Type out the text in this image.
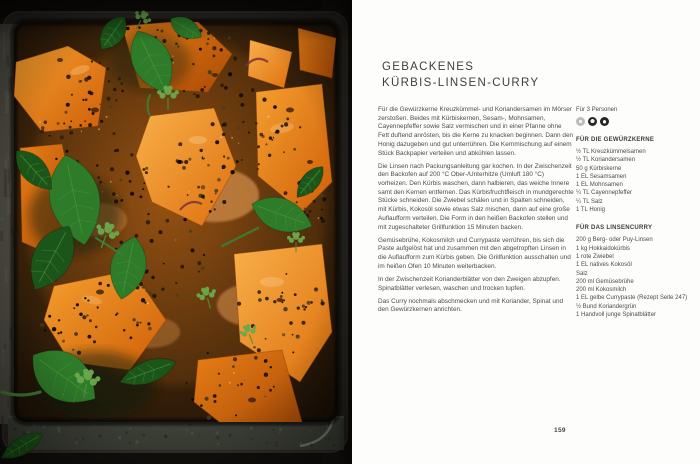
GEBACKENES
KÜRBIS-LINSEN-CURRY

Für die Gewürzkerne Kreuzkümmel- und Koriandersamen im Mörser zerstoßen. Beides mit Kürbiskernen, Sesam-, Mohnsamen, Cayennepfeffer sowie Salz vermischen und in einer Pfanne ohne Fett duftend anrösten, bis die Kerne zu knacken beginnen. Dann den Honig dazugeben und gut unterrühren. Die Kernmischung auf einem Stück Backpapier verteilen und abkühlen lassen.

Die Linsen nach Packungsanleitung gar kochen. In der Zwischenzeit den Backofen auf 200 °C Ober-/Unterhitze (Umluft 180 °C) vorheizen. Den Kürbis waschen, dann halbieren, das weiche Innere samt den Kernen entfernen. Das Kürbisfruchtfleisch in mundgerechte Stücke schneiden. Die Zwiebel schälen und in Spalten schneiden, mit Kürbis, Kokosöl sowie etwas Salz mischen, dann auf eine große Auflaufform verteilen. Die Form in den heißen Backofen stellen und mit zugeschalteter Grillfunktion 15 Minuten backen.

Gemüsebrühe, Kokosmilch und Currypaste verrühren, bis sich die Paste aufgelöst hat und zusammen mit den abgetropften Linsen in die Auflaufform zum Kürbis geben. Die Grillfunktion ausschalten und im heißen Ofen 10 Minuten weiterbacken.

In der Zwischenzeit Korianderblätter von den Zweigen abzupfen. Spinatblätter verlesen, waschen und trocken tupfen.

Das Curry nochmals abschmecken und mit Koriander, Spinat und den Gewürzkernen anrichten.

Für 3 Personen
FÜR DIE GEWÜRZKERNE
½ TL Kreuzkümmelsamen
½ TL Koriandersamen
50 g Kürbiskerne
1 EL Sesamsamen
1 EL Mohnsamen
¼ TL Cayennepfeffer
¼ TL Salz
1 TL Honig
FÜR DAS LINSENCURRY
200 g Berg- oder Puy-Linsen
1 kg Hokkaidokürbis
1 rote Zwiebel
1 EL natives Kokosöl
Salz
200 ml Gemüsebrühe
200 ml Kokosmilch
1 EL gelbe Currypaste (Rezept Seite 247)
½ Bund Koriandergrün
1 Handvoll junge Spinatblätter
159
